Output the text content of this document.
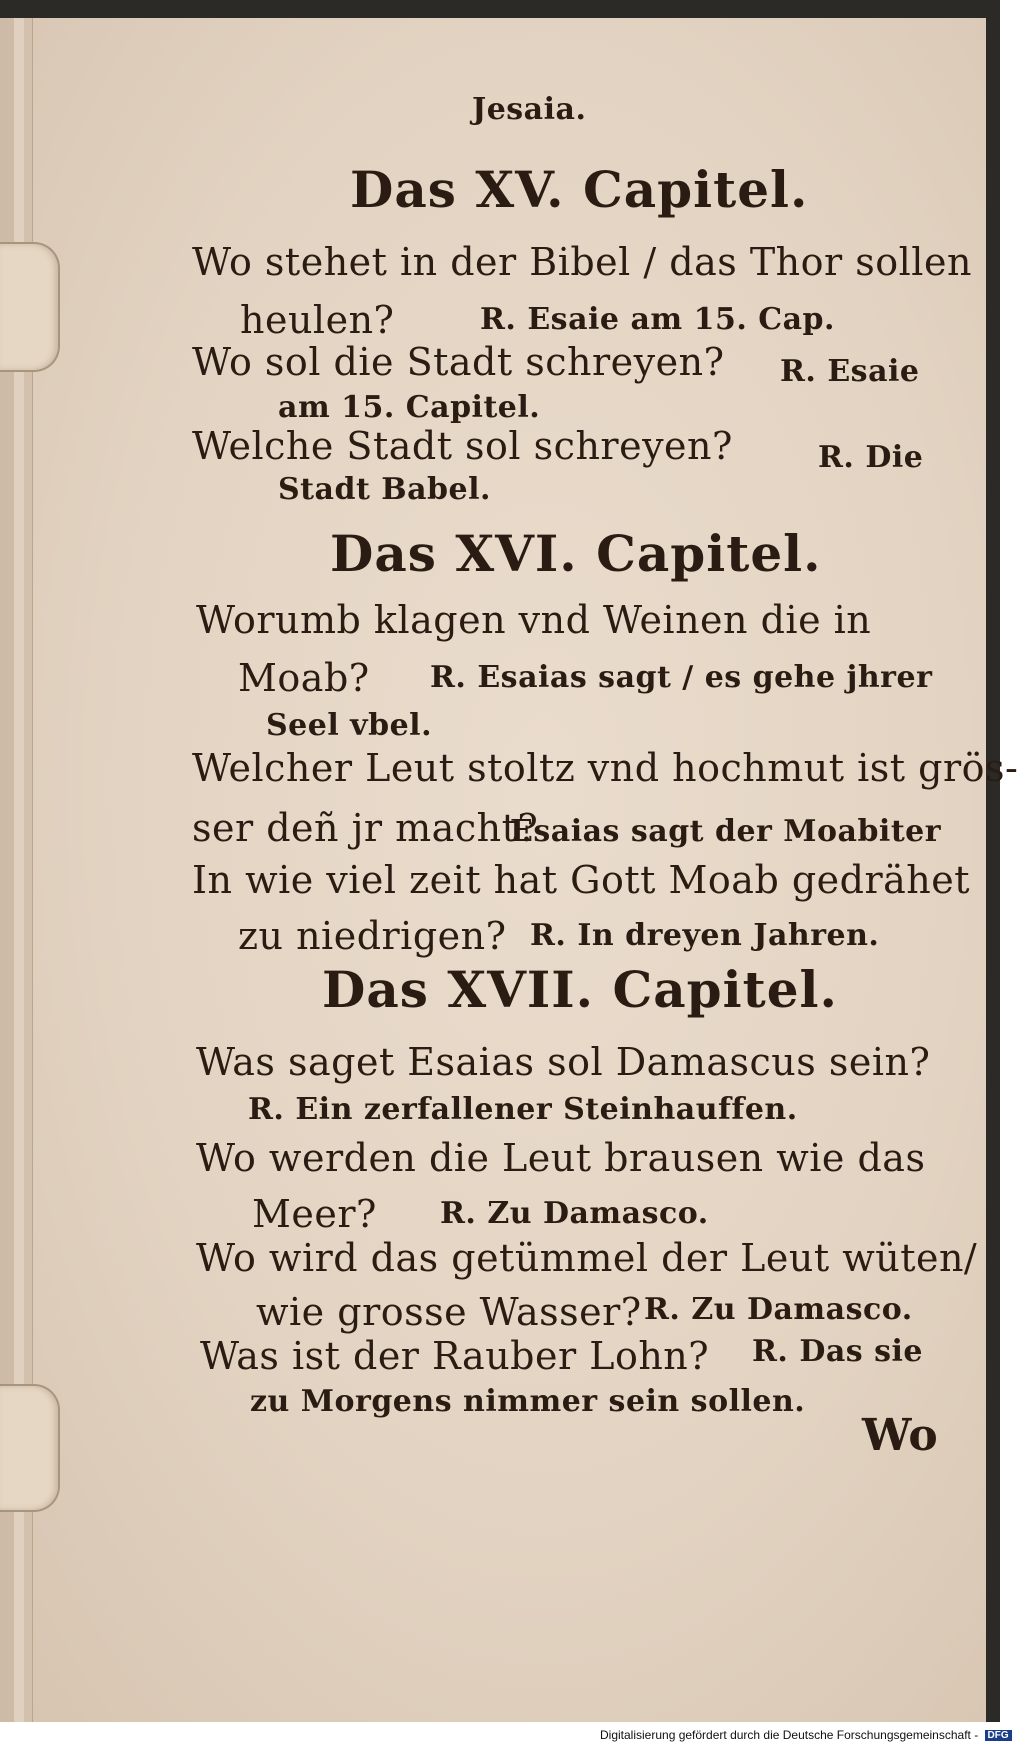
Jesaia.
Das XV. Capitel.
Wo stehet in der Bibel / das Thor sollen
heulen?	R. Esaie am 15. Cap.
Wo sol die Stadt schreyen? R. Esaie
am 15. Capitel.
Welche Stadt sol schreyen?	R. Die
Stadt Babel.
Das XVI. Capitel.
Worumb klagen vnd Weinen die in
Moab? R. Esaias sagt / es gehe jhrer
Seel vbel.
Welcher Leut stoltz vnd hochmut ist grös-
ser deñ jr macht?
Esaias sagt der Moabiter
In wie viel zeit hat Gott Moab gedrähet
zu niedrigen? R. In dreyen Jahren.
Das XVII. Capitel.
Was saget Esaias sol Damascus sein?
R. Ein zerfallener Steinhauffen.
Wo werden die Leut brausen wie das
Meer? R. Zu Damasco.
Wo wird das getümmel der Leut wüten/
wie grosse Wasser? R. Zu Damasco.
Was ist der Rauber Lohn? R. Das sie
zu Morgens nimmer sein sollen.
Wo
Digitalisierung gefördert durch die Deutsche Forschungsgemeinschaft - DFG
